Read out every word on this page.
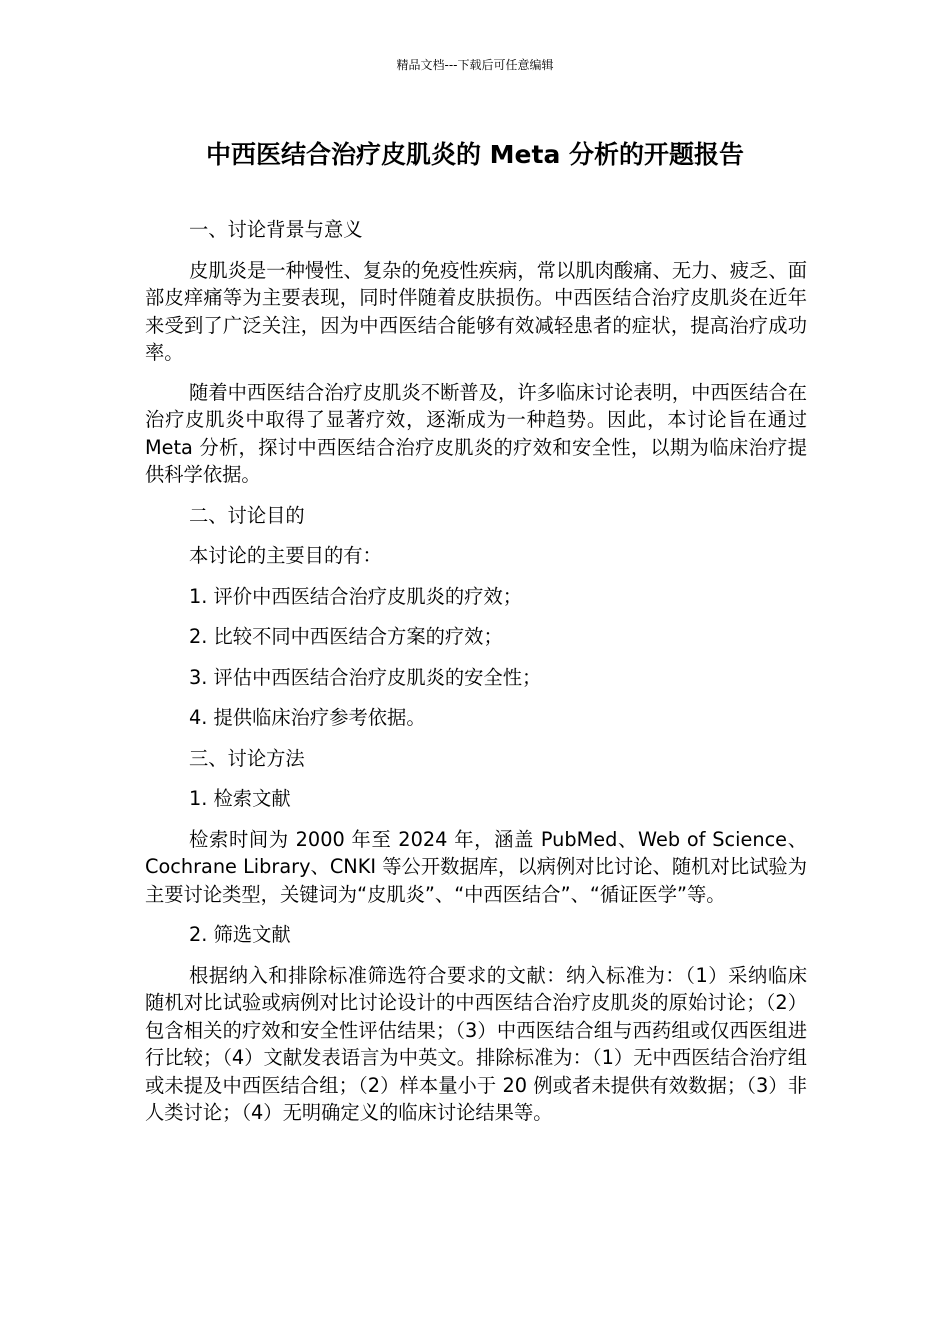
精品文档---下载后可任意编辑
中西医结合治疗皮肌炎的 Meta 分析的开题报告

一、讨论背景与意义

皮肌炎是一种慢性、复杂的免疫性疾病，常以肌肉酸痛、无力、疲乏、面部皮痒痛等为主要表现，同时伴随着皮肤损伤。中西医结合治疗皮肌炎在近年来受到了广泛关注，因为中西医结合能够有效减轻患者的症状，提高治疗成功率。

随着中西医结合治疗皮肌炎不断普及，许多临床讨论表明，中西医结合在治疗皮肌炎中取得了显著疗效，逐渐成为一种趋势。因此，本讨论旨在通过 Meta 分析，探讨中西医结合治疗皮肌炎的疗效和安全性，以期为临床治疗提供科学依据。

二、讨论目的

本讨论的主要目的有：

1. 评价中西医结合治疗皮肌炎的疗效；

2. 比较不同中西医结合方案的疗效；

3. 评估中西医结合治疗皮肌炎的安全性；

4. 提供临床治疗参考依据。

三、讨论方法

1. 检索文献

检索时间为 2000 年至 2024 年，涵盖 PubMed、Web of Science、Cochrane Library、CNKI 等公开数据库，以病例对比讨论、随机对比试验为主要讨论类型，关键词为“皮肌炎”、“中西医结合”、“循证医学”等。

2. 筛选文献

根据纳入和排除标准筛选符合要求的文献：纳入标准为：（1）采纳临床随机对比试验或病例对比讨论设计的中西医结合治疗皮肌炎的原始讨论；（2）包含相关的疗效和安全性评估结果；（3）中西医结合组与西药组或仅西医组进行比较；（4）文献发表语言为中英文。排除标准为：（1）无中西医结合治疗组或未提及中西医结合组；（2）样本量小于 20 例或者未提供有效数据；（3）非人类讨论；（4）无明确定义的临床讨论结果等。
